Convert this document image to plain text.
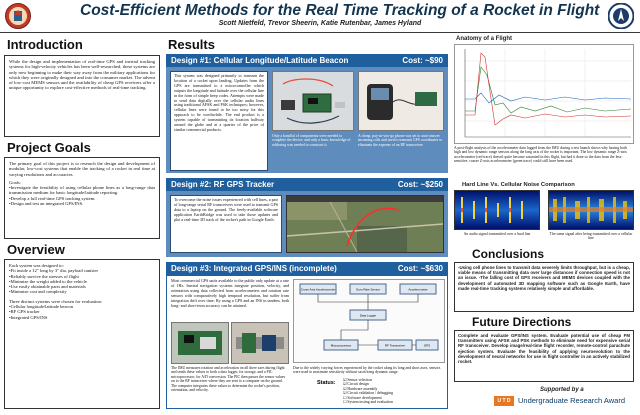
Cost-Efficient Methods for the Real Time Tracking of a Rocket in Flight
Scott Nietfeld, Trevor Sheerin, Katie Rutenbar, James Hyland
Introduction
While the design and implementation of real-time GPS and inertial tracking systems for high-velocity vehicles has been well-researched, these systems are only now beginning to make their way away from the military applications for which they were originally designed and into the consumer market. The advent of low-cost MEMS sensors and the availability of cheap GPS receivers offer a unique opportunity to explore cost-effective methods of real-time tracking.
Project Goals
The primary goal of this project is to research the design and development of modular, low-cost systems that enable the tracking of a rocket in real time at varying resolutions and accuracies.
Goals:
•Investigate the feasibility of using cellular phone lines as a long-range data transmission medium for basic longitude/latitude reporting.
•Develop a full real-time GPS tracking system.
•Design and test an integrated GPS/INS.
Overview
Each system was designed to:
•Fit inside a 12" long by 3" dia. payload canister
•Reliably survive the stresses of flight
•Minimize the weight added to the vehicle
•Use easily obtainable parts and materials
•Minimize cost and complexity
Three distinct systems were chosen for evaluation:
•Cellular longitude/latitude beacon
•RF GPS tracker
•Integrated GPS/INS
Results
Design #1: Cellular Longitude/Latitude Beacon	Cost: ~$90
This system was designed primarily to transmit the location of a rocket upon landing. Updates from the GPS are transmitted to a microcontroller which outputs the longitude and latitude over the cellular line in the form of simple beep codes. Attempts were made to send data digitally over the cellular audio lines using traditional AFSK and PSK techniques; however, cellular lines were found to be too noisy for this approach to be worthwhile. The end product is a system capable of transmitting its location halfway around the globe and at a quarter of the price of similar commercial products.
Only a handful of components were needed to complete the device, and only a basic knowledge of soldering was needed to construct it.
A cheap, pay-as-you-go phone was set to auto-answer incoming calls and used to transmit GPS coordinates to eliminate the expense of an RF transceiver.
Design #2: RF GPS Tracker	Cost: ~$250
To overcome the noise issues experienced with cell lines, a pair of long-range serial RF transceivers were used to transmit GPS data to a laptop on the ground. The freely-available software application EarthBridge was used to take those updates and plot a real-time 3D track of the rocket's path in Google Earth.
Design #3: Integrated GPS/INS (incomplete)	Cost: ~$630
Most commercial GPS units available to the public only update at a rate of 1Hz. Inertial navigation systems integrate position, velocity, and orientation using data collected from accelerometers and rotation rate sensors with comparatively high temporal resolution, but suffer from integration drift over time. By using a GPS and an INS in tandem, both long- and short-term accuracy can be attained.
Cross-Axis Accelerometer	Gyro Rate Sensor	Accelerometer
Data Logger
Microprocessor	RF Transceiver	GPS
Due to the widely varying forces experienced by the rocket along its long and short axes, sensors were used to maximize sensitivity without sacrificing dynamic range.
The IMU measures rotation and acceleration on all three axes during flight and sends these values to both a data logger, for storage, and a PIC microprocessor, for A/D conversion. The PIC then passes the sensor values on to the RF transceiver where they are sent to a computer on the ground. The computer integrates these values to determine the rocket's position, orientation, and velocity.
Status: ☑ Sensor selection
☑ Circuit design
☑ Hardware assembly
☑ Circuit validation / debugging
☐ Software development
☐ System testing and evaluation
Anatomy of a Flight
A post-flight analysis of the accelerometer data logged from the IMU during a test launch shows why having both high and low dynamic range sensors along the long axis of the rocket is important. The low dynamic range Z-axis accelerometer (red trace) doesn't quite become saturated in this flight, but had it done so the data from the less-sensitive, coarse Z-axis accelerometer (green trace) could still have been used.
Hard Line Vs. Cellular Noise Comparison
An audio signal transmitted over a hard line	The same signal after being transmitted over a cellular line
Conclusions
-Using cell phone lines to transmit data severely limits throughput, but is a cheap, viable means of transmitting data over large distances if connection speed is not an issue. -The falling cost of GPS receivers and MEMS devices coupled with the development of automated 3D mapping software such as Google Earth, have made real-time tracking systems relatively simple and affordable.
Future Directions
Complete and evaluate GPS/INS system. Evaluate potential use of cheap FM transmitters using AFSK and PSK methods to eliminate need for expensive serial RF transceiver. Develop image/real-time flight recorder, remote-control parachute ejection system. Evaluate the feasibility of applying neuroevolution to the development of neural networks for use in flight controller in an actively stabilized rocket.
Supported by a
U T D Undergraduate Research Award
